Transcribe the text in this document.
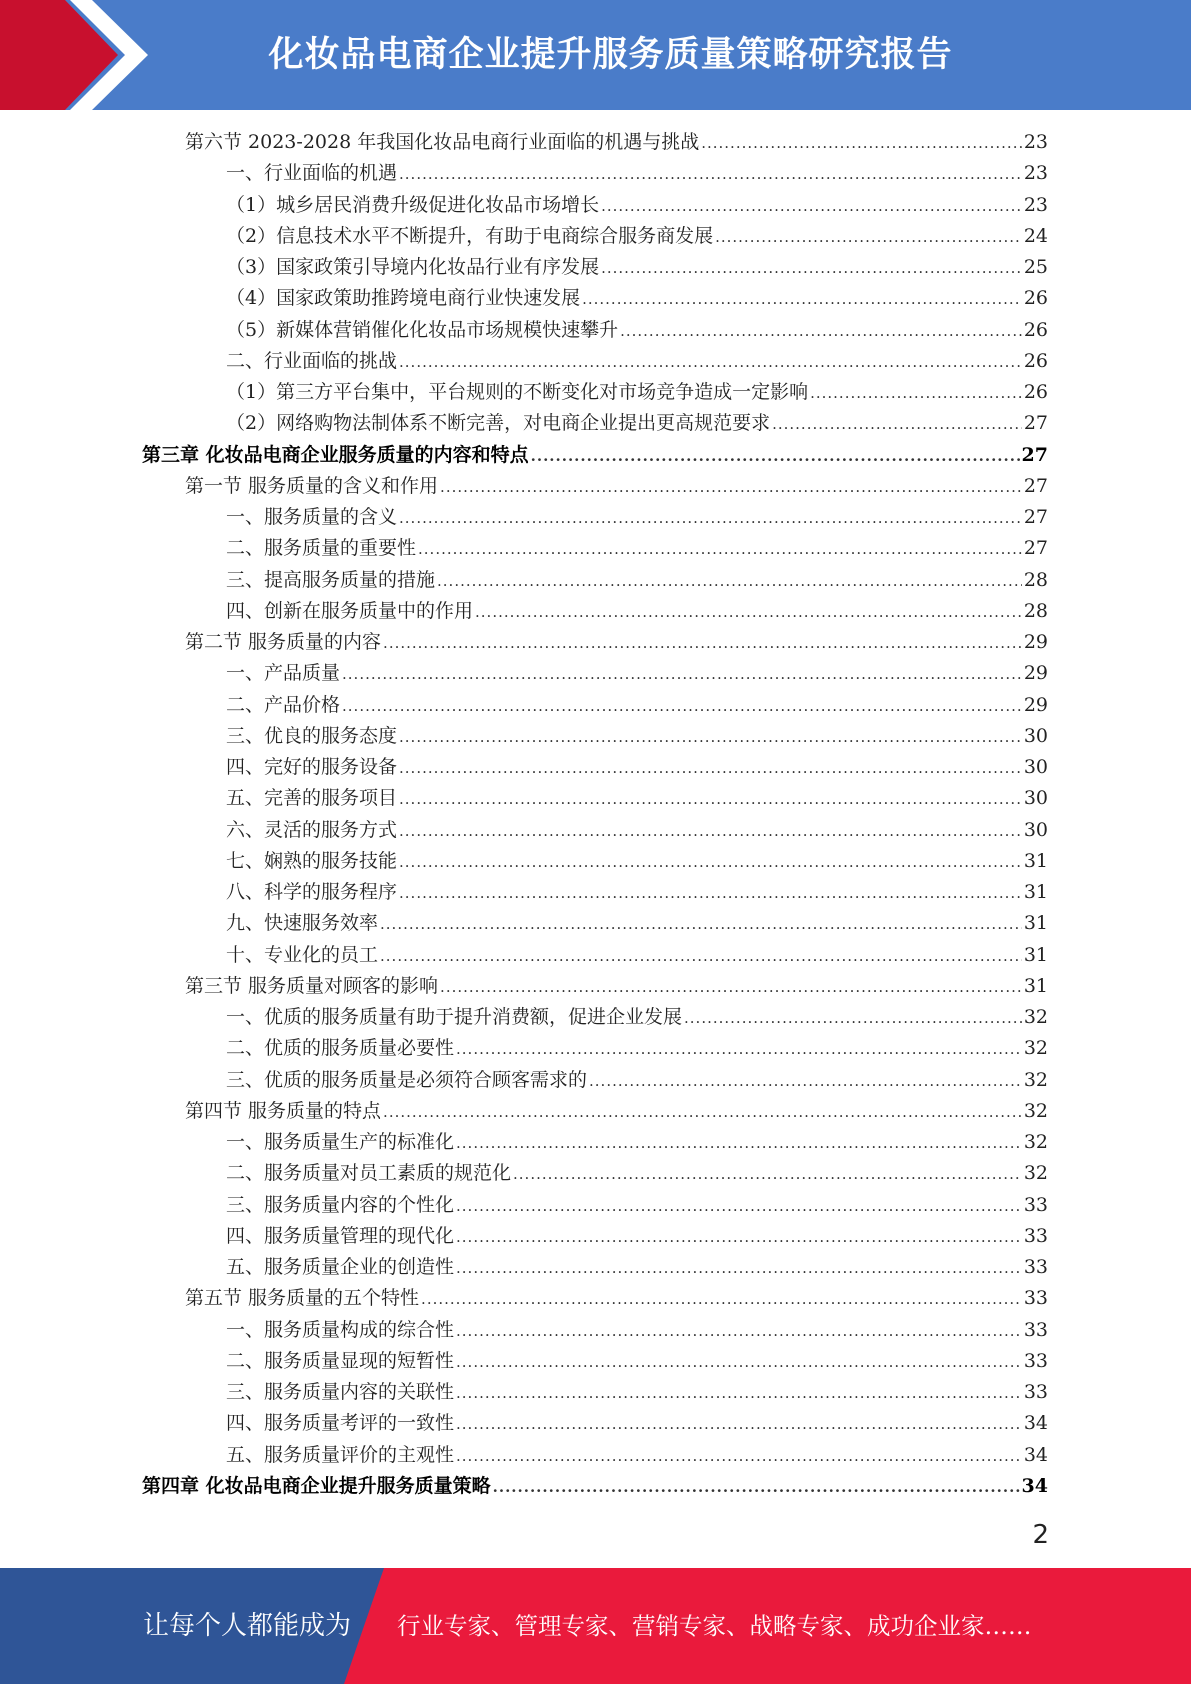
化妆品电商企业提升服务质量策略研究报告
第六节 2023-2028 年我国化妆品电商行业面临的机遇与挑战 .....	23
一、行业面临的机遇 .....	23
（1）城乡居民消费升级促进化妆品市场增长 .....	23
（2）信息技术水平不断提升，有助于电商综合服务商发展 .....	24
（3）国家政策引导境内化妆品行业有序发展 .....	25
（4）国家政策助推跨境电商行业快速发展 .....	26
（5）新媒体营销催化化妆品市场规模快速攀升 .....	26
二、行业面临的挑战 .....	26
（1）第三方平台集中，平台规则的不断变化对市场竞争造成一定影响 .....	26
（2）网络购物法制体系不断完善，对电商企业提出更高规范要求 .....	27
第三章 化妆品电商企业服务质量的内容和特点 .....	27
第一节 服务质量的含义和作用 .....	27
一、服务质量的含义 .....	27
二、服务质量的重要性 .....	27
三、提高服务质量的措施 .....	28
四、创新在服务质量中的作用 .....	28
第二节 服务质量的内容 .....	29
一、产品质量 .....	29
二、产品价格 .....	29
三、优良的服务态度 .....	30
四、完好的服务设备 .....	30
五、完善的服务项目 .....	30
六、灵活的服务方式 .....	30
七、娴熟的服务技能 .....	31
八、科学的服务程序 .....	31
九、快速服务效率 .....	31
十、专业化的员工 .....	31
第三节 服务质量对顾客的影响 .....	31
一、优质的服务质量有助于提升消费额，促进企业发展 .....	32
二、优质的服务质量必要性 .....	32
三、优质的服务质量是必须符合顾客需求的 .....	32
第四节 服务质量的特点 .....	32
一、服务质量生产的标准化 .....	32
二、服务质量对员工素质的规范化 .....	32
三、服务质量内容的个性化 .....	33
四、服务质量管理的现代化 .....	33
五、服务质量企业的创造性 .....	33
第五节 服务质量的五个特性 .....	33
一、服务质量构成的综合性 .....	33
二、服务质量显现的短暂性 .....	33
三、服务质量内容的关联性 .....	33
四、服务质量考评的一致性 .....	34
五、服务质量评价的主观性 .....	34
第四章 化妆品电商企业提升服务质量策略 .....	34
2
让每个人都能成为 行业专家、管理专家、营销专家、战略专家、成功企业家……
